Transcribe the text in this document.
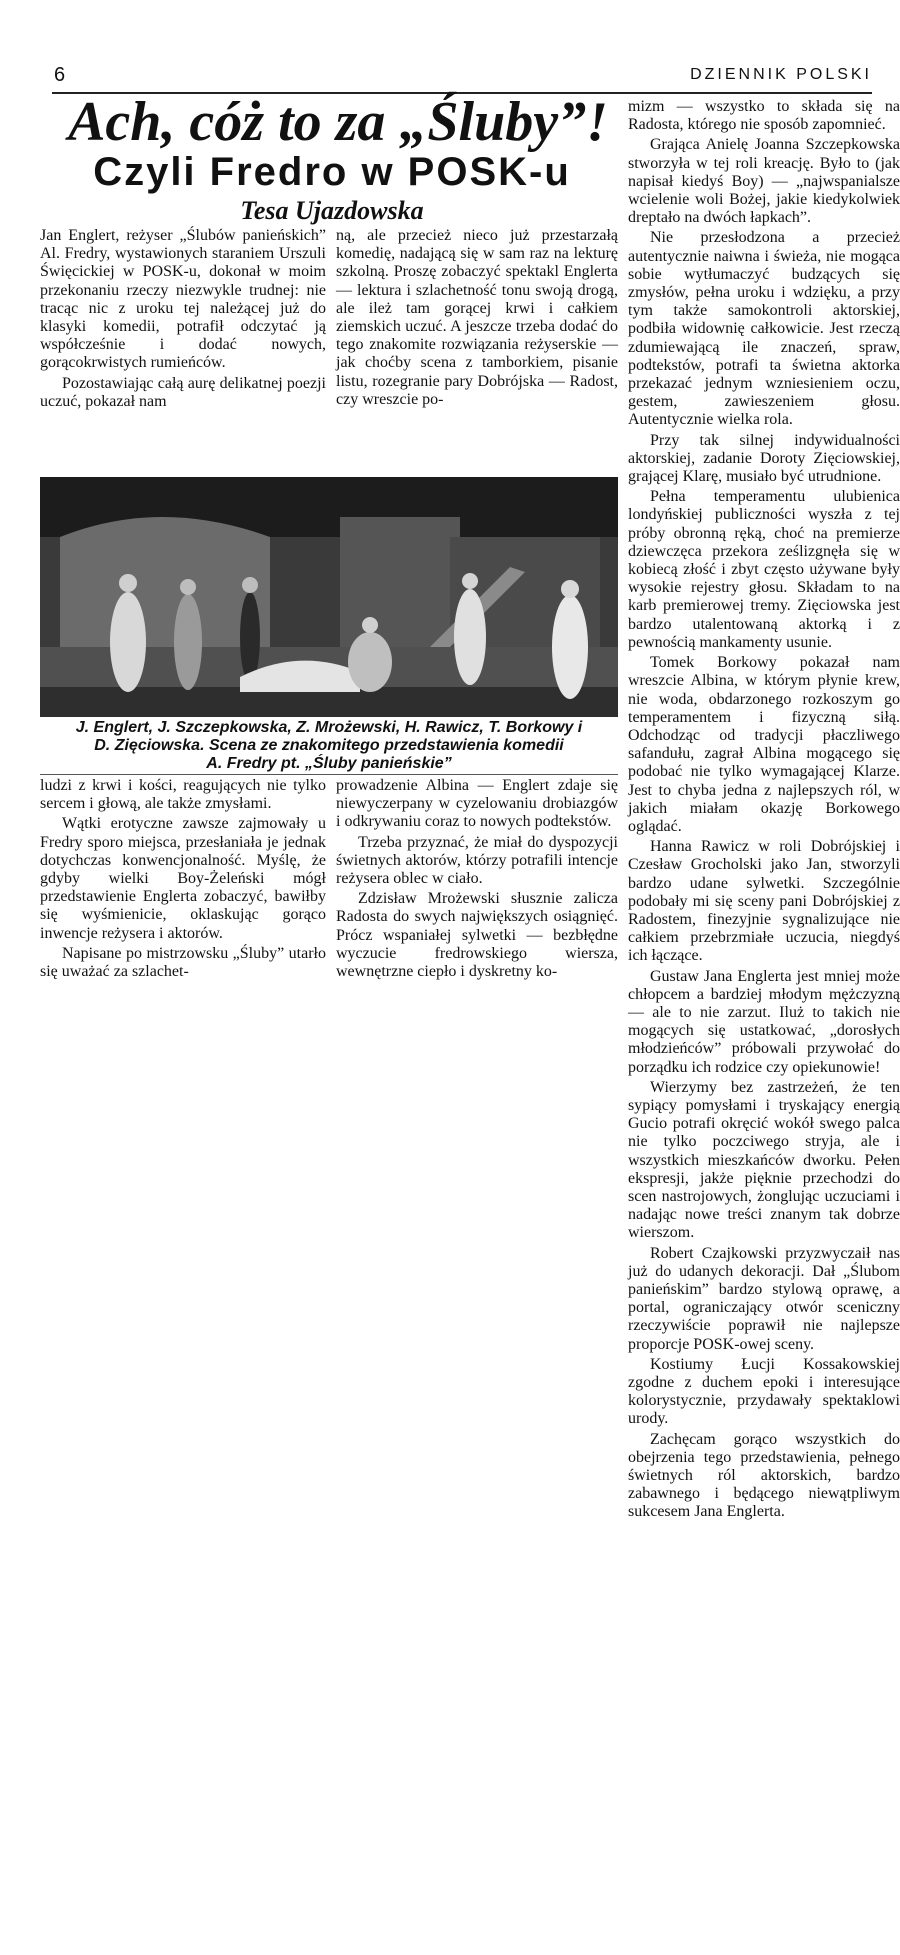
6	DZIENNIK POLSKI
Ach, cóż to za „Śluby”!
Czyli Fredro w POSK-u
Tesa Ujazdowska

Jan Englert, reżyser „Ślubów panieńskich” Al. Fredry, wystawionych staraniem Urszuli Święcickiej w POSK-u, dokonał w moim przekonaniu rzeczy niezwykle trudnej: nie tracąc nic z uroku tej należącej już do klasyki komedii, potrafił odczytać ją współcześnie i dodać nowych, gorącokrwistych rumieńców.

Pozostawiając całą aurę delikatnej poezji uczuć, pokazał nam

ną, ale przecież nieco już przestarzałą komedię, nadającą się w sam raz na lekturę szkolną. Proszę zobaczyć spektakl Englerta — lektura i szlachetność tonu swoją drogą, ale ileż tam gorącej krwi i całkiem ziemskich uczuć. A jeszcze trzeba dodać do tego znakomite rozwiązania reżyserskie — jak choćby scena z tamborkiem, pisanie listu, rozegranie pary Dobrójska — Radost, czy wreszcie po-

J. Englert, J. Szczepkowska, Z. Mrożewski, H. Rawicz, T. Borkowy i
D. Zięciowska. Scena ze znakomitego przedstawienia komedii
A. Fredry pt. „Śluby panieńskie”

ludzi z krwi i kości, reagujących nie tylko sercem i głową, ale także zmysłami.

Wątki erotyczne zawsze zajmowały u Fredry sporo miejsca, przesłaniała je jednak dotychczas konwencjonalność. Myślę, że gdyby wielki Boy-Żeleński mógł przedstawienie Englerta zobaczyć, bawiłby się wyśmienicie, oklaskując gorąco inwencje reżysera i aktorów.

Napisane po mistrzowsku „Śluby” utarło się uważać za szlachet-

prowadzenie Albina — Englert zdaje się niewyczerpany w cyzelowaniu drobiazgów i odkrywaniu coraz to nowych podtekstów.

Trzeba przyznać, że miał do dyspozycji świetnych aktorów, którzy potrafili intencje reżysera oblec w ciało.

Zdzisław Mrożewski słusznie zalicza Radosta do swych największych osiągnięć. Prócz wspaniałej sylwetki — bezbłędne wyczucie fredrowskiego wiersza, wewnętrzne ciepło i dyskretny ko-

mizm — wszystko to składa się na Radosta, którego nie sposób zapomnieć.

Grająca Anielę Joanna Szczepkowska stworzyła w tej roli kreację. Było to (jak napisał kiedyś Boy) — „najwspanialsze wcielenie woli Bożej, jakie kiedykolwiek dreptało na dwóch łapkach”.

Nie przesłodzona a przecież autentycznie naiwna i świeża, nie mogąca sobie wytłumaczyć budzących się zmysłów, pełna uroku i wdzięku, a przy tym także samokontroli aktorskiej, podbiła widownię całkowicie. Jest rzeczą zdumiewającą ile znaczeń, spraw, podtekstów, potrafi ta świetna aktorka przekazać jednym wzniesieniem oczu, gestem, zawieszeniem głosu. Autentycznie wielka rola.

Przy tak silnej indywidualności aktorskiej, zadanie Doroty Zięciowskiej, grającej Klarę, musiało być utrudnione.

Pełna temperamentu ulubienica londyńskiej publiczności wyszła z tej próby obronną ręką, choć na premierze dziewczęca przekora ześlizgnęła się w kobiecą złość i zbyt często używane były wysokie rejestry głosu. Składam to na karb premierowej tremy. Zięciowska jest bardzo utalentowaną aktorką i z pewnością mankamenty usunie.

Tomek Borkowy pokazał nam wreszcie Albina, w którym płynie krew, nie woda, obdarzonego rozkoszym go temperamentem i fizyczną siłą. Odchodząc od tradycji płaczliwego safandułu, zagrał Albina mogącego się podobać nie tylko wymagającej Klarze. Jest to chyba jedna z najlepszych ról, w jakich miałam okazję Borkowego oglądać.

Hanna Rawicz w roli Dobrójskiej i Czesław Grocholski jako Jan, stworzyli bardzo udane sylwetki. Szczególnie podobały mi się sceny pani Dobrójskiej z Radostem, finezyjnie sygnalizujące nie całkiem przebrzmiałe uczucia, niegdyś ich łączące.

Gustaw Jana Englerta jest mniej może chłopcem a bardziej młodym mężczyzną — ale to nie zarzut. Iluż to takich nie mogących się ustatkować, „dorosłych młodzieńców” próbowali przywołać do porządku ich rodzice czy opiekunowie!

Wierzymy bez zastrzeżeń, że ten sypiący pomysłami i tryskający energią Gucio potrafi okręcić wokół swego palca nie tylko poczciwego stryja, ale i wszystkich mieszkańców dworku. Pełen ekspresji, jakże pięknie przechodzi do scen nastrojowych, żonglując uczuciami i nadając nowe treści znanym tak dobrze wierszom.

Robert Czajkowski przyzwyczaił nas już do udanych dekoracji. Dał „Ślubom panieńskim” bardzo stylową oprawę, a portal, ograniczający otwór sceniczny rzeczywiście poprawił nie najlepsze proporcje POSK-owej sceny.

Kostiumy Łucji Kossakowskiej zgodne z duchem epoki i interesujące kolorystycznie, przydawały spektaklowi urody.

Zachęcam gorąco wszystkich do obejrzenia tego przedstawienia, pełnego świetnych ról aktorskich, bardzo zabawnego i będącego niewątpliwym sukcesem Jana Englerta.
